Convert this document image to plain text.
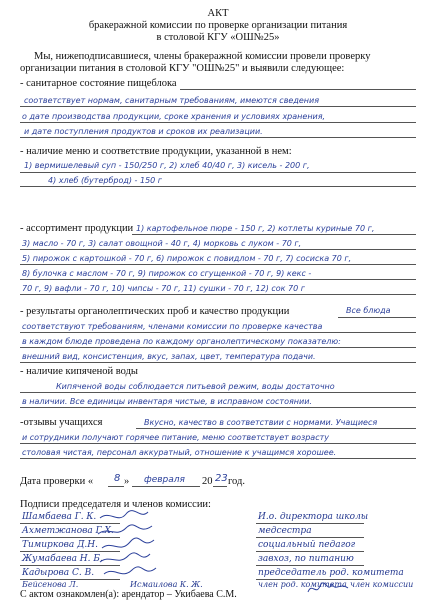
АКТ
бракеражной комиссии по проверке организации питания
в столовой КГУ «ОШ№25»
Мы, нижеподписавшиеся, члены бракеражной комиссии провели проверку
организации питания в столовой КГУ "ОШ№25" и выявили следующее:
- санитарное состояние пищеблока
соответствует нормам, санитарным требованиям, имеются сведения
о дате производства продукции, сроке хранения и условиях хранения,
и дате поступления продуктов и сроков их реализации.
- наличие меню и соответствие продукции, указанной в нем:
1) вермишелевый суп - 150/250 г, 2) хлеб 40/40 г, 3) кисель - 200 г,
4) хлеб (бутерброд) - 150 г
- ассортимент продукции 1) картофельное пюре - 150 г, 2) котлеты куриные 70 г,
3) масло - 70 г, 3) салат овощной - 40 г, 4) морковь с луком - 70 г,
5) пирожок с картошкой - 70 г, 6) пирожок с повидлом - 70 г, 7) сосиска 70 г,
8) булочка с маслом - 70 г, 9) пирожок со сгущенкой - 70 г, 9) кекс -
70 г, 9) вафли - 70 г, 10) чипсы - 70 г, 11) сушки - 70 г, 12) сок 70 г
- результаты органолептических проб и качество продукции	Все блюда
соответствуют требованиям, членами комиссии по проверке качества
в каждом блюде проведена по каждому органолептическому показателю:
внешний вид, консистенция, вкус, запах, цвет, температура подачи.
- наличие кипяченой воды
Кипяченой воды соблюдается питьевой режим, воды достаточно
в наличии. Все единицы инвентаря чистые, в исправном состоянии.
-отзывы учащихся	Вкусно, качество в соответствии с нормами. Учащиеся
и сотрудники получают горячее питание, меню соответствует возрасту
столовая чистая, персонал аккуратный, отношение к учащимся хорошее.
Дата проверки « 8 » февраля 20 23 год.
Подписи председателя и членов комиссии:
Шамбаева Г. К.	И.о. директора школы
Ахметжанова Г.Х.	медсестра
Тимиркова Д.Н.	социальный педагог
Жумабаева Н. Б.	завхоз, по питанию
Кадырова С. В.	председатель род. комитета
Бейсенова Л.	Исмаилова К. Ж.	член род. комитета член комиссии
С актом ознакомлен(а): арендатор – Укибаева С.М.
